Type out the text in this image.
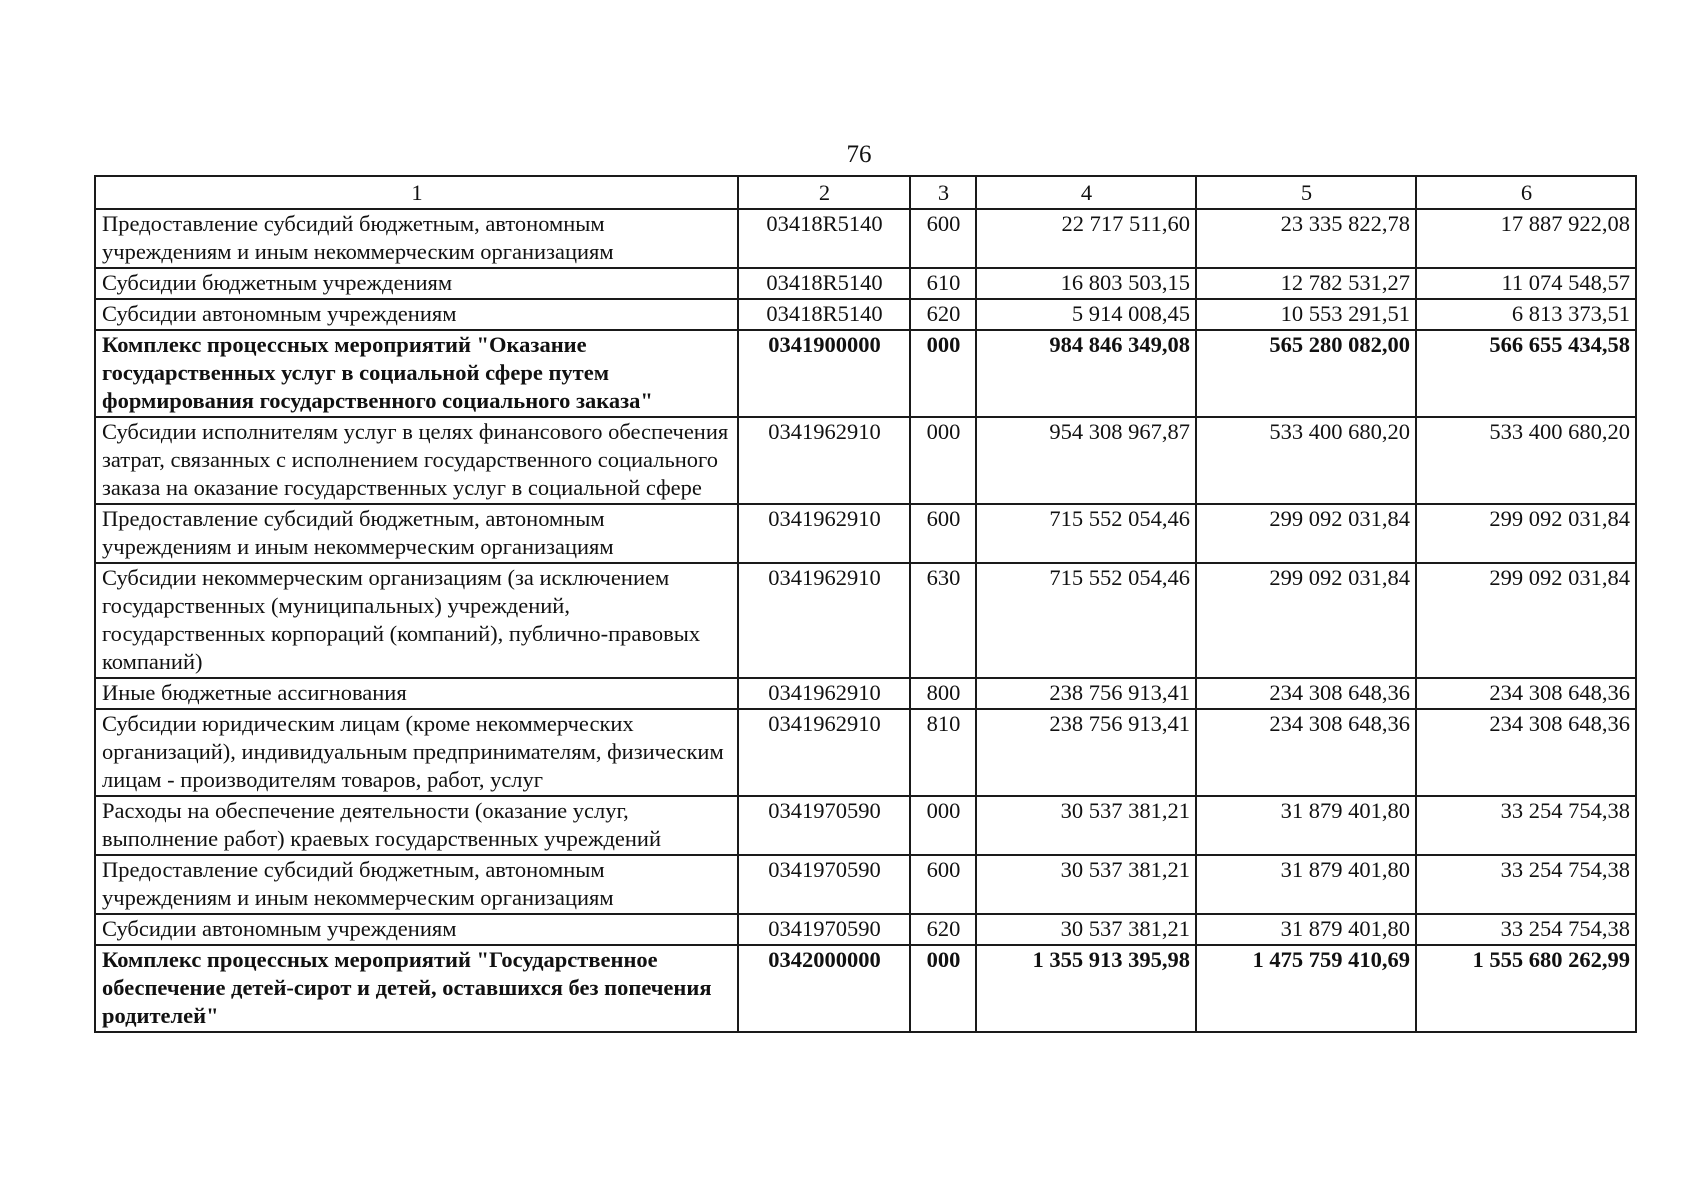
76
1	2	3	4	5	6
Предоставление субсидий бюджетным, автономным учреждениям и иным некоммерческим организациям	03418R5140	600	22 717 511,60	23 335 822,78	17 887 922,08
Субсидии бюджетным учреждениям	03418R5140	610	16 803 503,15	12 782 531,27	11 074 548,57
Субсидии автономным учреждениям	03418R5140	620	5 914 008,45	10 553 291,51	6 813 373,51
Комплекс процессных мероприятий "Оказание государственных услуг в социальной сфере путем формирования государственного социального заказа"	0341900000	000	984 846 349,08	565 280 082,00	566 655 434,58
Субсидии исполнителям услуг в целях финансового обеспечения затрат, связанных с исполнением государственного социального заказа на оказание государственных услуг в социальной сфере	0341962910	000	954 308 967,87	533 400 680,20	533 400 680,20
Предоставление субсидий бюджетным, автономным учреждениям и иным некоммерческим организациям	0341962910	600	715 552 054,46	299 092 031,84	299 092 031,84
Субсидии некоммерческим организациям (за исключением государственных (муниципальных) учреждений, государственных корпораций (компаний), публично-правовых компаний)	0341962910	630	715 552 054,46	299 092 031,84	299 092 031,84
Иные бюджетные ассигнования	0341962910	800	238 756 913,41	234 308 648,36	234 308 648,36
Субсидии юридическим лицам (кроме некоммерческих организаций), индивидуальным предпринимателям, физическим лицам - производителям товаров, работ, услуг	0341962910	810	238 756 913,41	234 308 648,36	234 308 648,36
Расходы на обеспечение деятельности (оказание услуг, выполнение работ) краевых государственных учреждений	0341970590	000	30 537 381,21	31 879 401,80	33 254 754,38
Предоставление субсидий бюджетным, автономным учреждениям и иным некоммерческим организациям	0341970590	600	30 537 381,21	31 879 401,80	33 254 754,38
Субсидии автономным учреждениям	0341970590	620	30 537 381,21	31 879 401,80	33 254 754,38
Комплекс процессных мероприятий "Государственное обеспечение детей-сирот и детей, оставшихся без попечения родителей"	0342000000	000	1 355 913 395,98	1 475 759 410,69	1 555 680 262,99
